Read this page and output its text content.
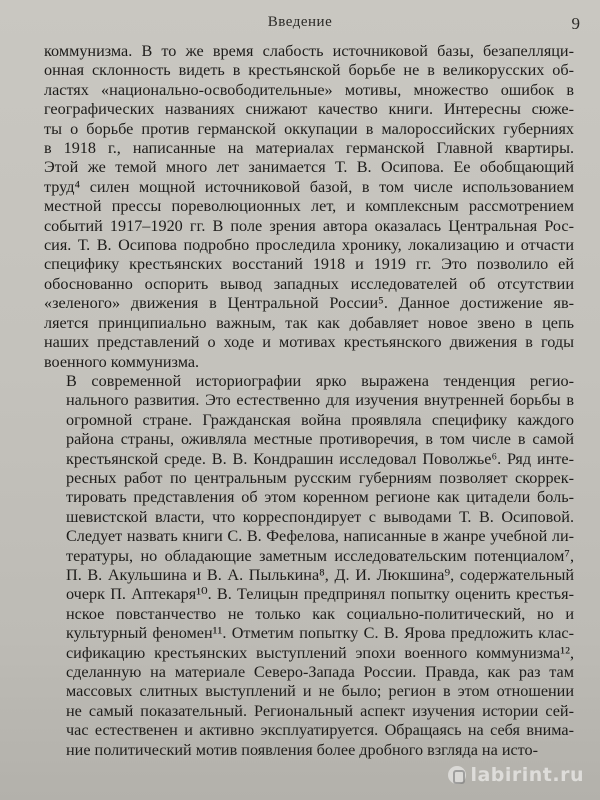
Введение	9

коммунизма. В то же время слабость источниковой базы, безапелляци-
онная склонность видеть в крестьянской борьбе не в великорусских об-
ластях «национально-освободительные» мотивы, множество ошибок в
географических названиях снижают качество книги. Интересны сюже-
ты о борьбе против германской оккупации в малороссийских губерниях
в 1918 г., написанные на материалах германской Главной квартиры.
Этой же темой много лет занимается Т. В. Осипова. Ее обобщающий
труд⁴ силен мощной источниковой базой, в том числе использованием
местной прессы пореволюционных лет, и комплексным рассмотрением
событий 1917–1920 гг. В поле зрения автора оказалась Центральная Рос-
сия. Т. В. Осипова подробно проследила хронику, локализацию и отчасти
специфику крестьянских восстаний 1918 и 1919 гг. Это позволило ей
обоснованно оспорить вывод западных исследователей об отсутствии
«зеленого» движения в Центральной России⁵. Данное достижение яв-
ляется принципиально важным, так как добавляет новое звено в цепь
наших представлений о ходе и мотивах крестьянского движения в годы
военного коммунизма.

В современной историографии ярко выражена тенденция регио-
нального развития. Это естественно для изучения внутренней борьбы в
огромной стране. Гражданская война проявляла специфику каждого
района страны, оживляла местные противоречия, в том числе в самой
крестьянской среде. В. В. Кондрашин исследовал Поволжье⁶. Ряд инте-
ресных работ по центральным русским губерниям позволяет скоррек-
тировать представления об этом коренном регионе как цитадели боль-
шевистской власти, что корреспондирует с выводами Т. В. Осиповой.
Следует назвать книги С. В. Фефелова, написанные в жанре учебной ли-
тературы, но обладающие заметным исследовательским потенциалом⁷,
П. В. Акульшина и В. А. Пылькина⁸, Д. И. Люкшина⁹, содержательный
очерк П. Аптекаря¹⁰. В. Телицын предпринял попытку оценить крестья-
нское повстанчество не только как социально-политический, но и
культурный феномен¹¹. Отметим попытку С. В. Ярова предложить клас-
сификацию крестьянских выступлений эпохи военного коммунизма¹²,
сделанную на материале Северо-Запада России. Правда, как раз там
массовых слитных выступлений и не было; регион в этом отношении
не самый показательный. Региональный аспект изучения истории сей-
час естественен и активно эксплуатируется. Обращаясь на себя внима-
ние политический мотив появления более дробного взгляда на исто-

labirint.ru
